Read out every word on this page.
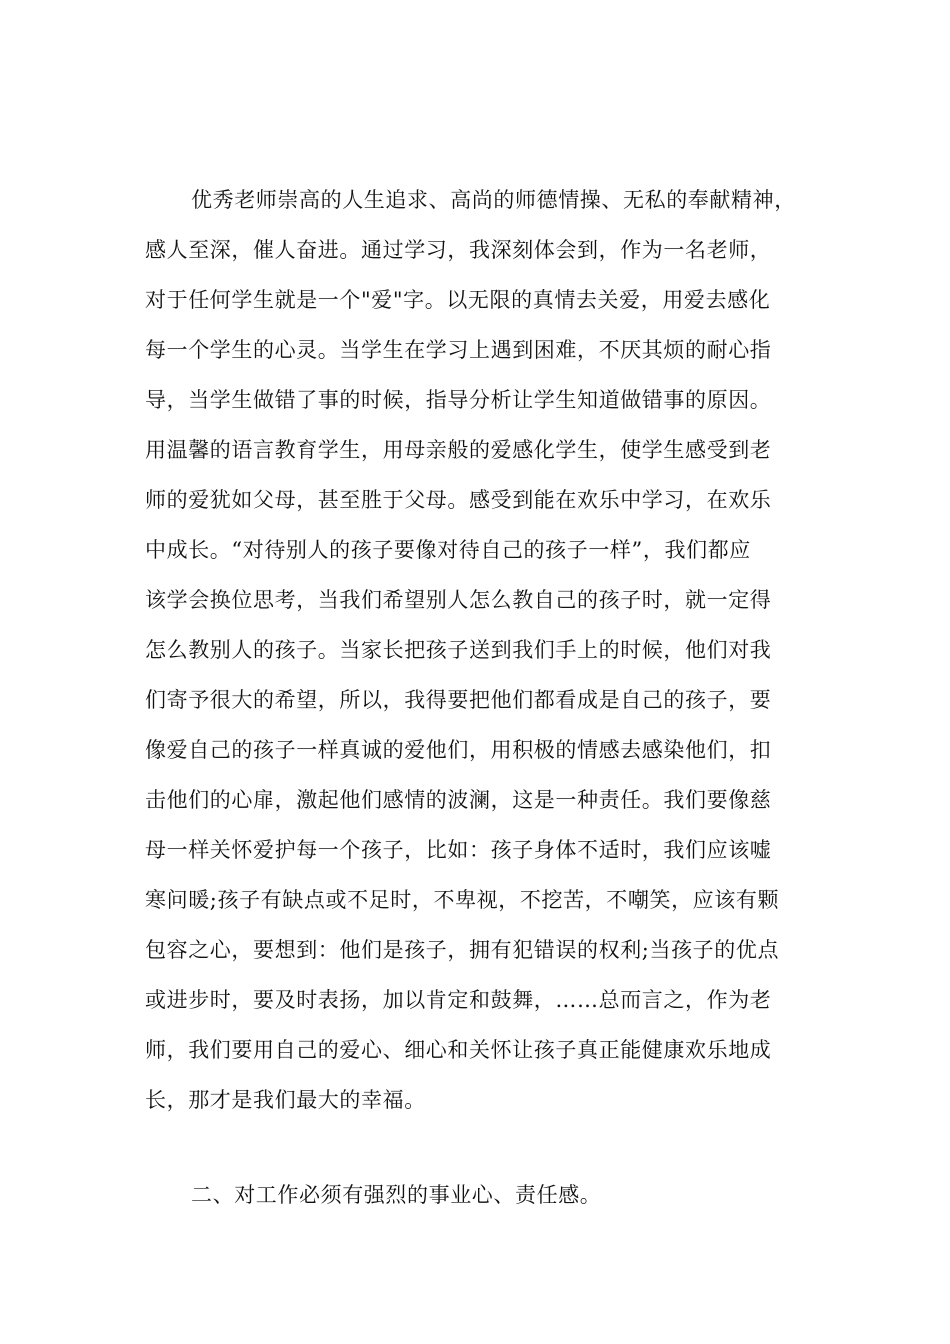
优秀老师崇高的人生追求、高尚的师德情操、无私的奉献精神，
感人至深，催人奋进。通过学习，我深刻体会到，作为一名老师，
对于任何学生就是一个"爱"字。以无限的真情去关爱，用爱去感化
每一个学生的心灵。当学生在学习上遇到困难，不厌其烦的耐心指
导，当学生做错了事的时候，指导分析让学生知道做错事的原因。
用温馨的语言教育学生，用母亲般的爱感化学生，使学生感受到老
师的爱犹如父母，甚至胜于父母。感受到能在欢乐中学习，在欢乐
中成长。“对待别人的孩子要像对待自己的孩子一样”，我们都应
该学会换位思考，当我们希望别人怎么教自己的孩子时，就一定得
怎么教别人的孩子。当家长把孩子送到我们手上的时候，他们对我
们寄予很大的希望，所以，我得要把他们都看成是自己的孩子，要
像爱自己的孩子一样真诚的爱他们，用积极的情感去感染他们，扣
击他们的心扉，激起他们感情的波澜，这是一种责任。我们要像慈
母一样关怀爱护每一个孩子，比如：孩子身体不适时，我们应该嘘
寒问暖;孩子有缺点或不足时，不卑视，不挖苦，不嘲笑，应该有颗
包容之心，要想到：他们是孩子，拥有犯错误的权利;当孩子的优点
或进步时，要及时表扬，加以肯定和鼓舞，……总而言之，作为老
师，我们要用自己的爱心、细心和关怀让孩子真正能健康欢乐地成
长，那才是我们最大的幸福。
二、对工作必须有强烈的事业心、责任感。
